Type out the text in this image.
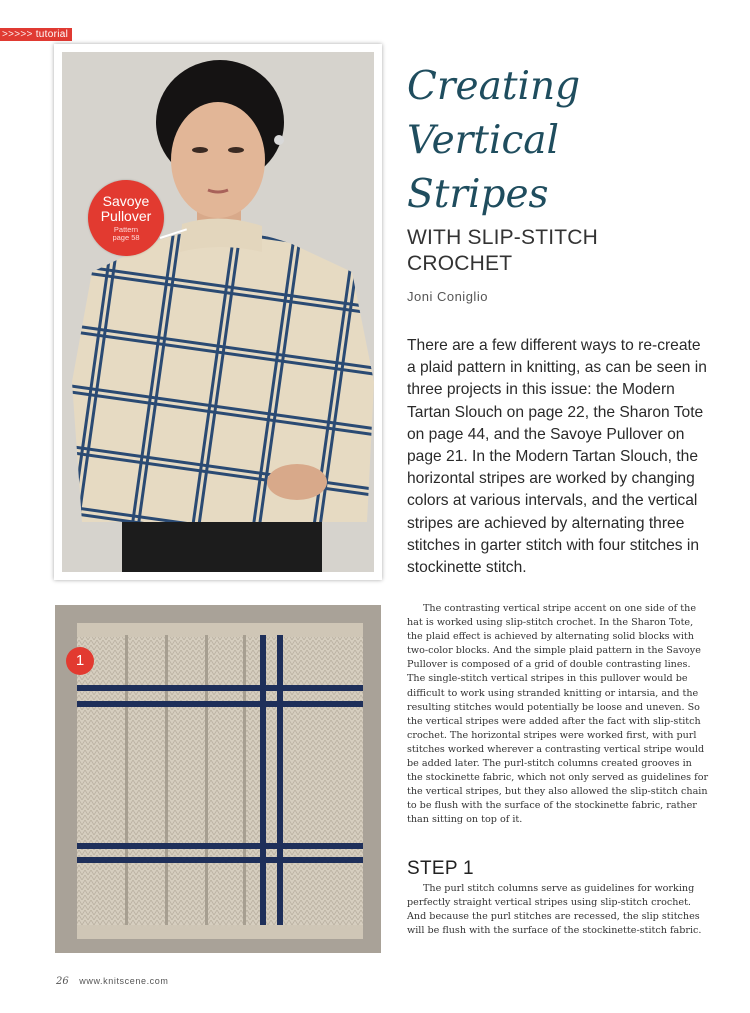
>>>>> tutorial
Savoye
Pullover
Pattern
page 58
Creating
Vertical
Stripes
WITH SLIP-STITCH
CROCHET
Joni Coniglio

There are a few different ways to re-create a plaid pattern in knitting, as can be seen in three projects in this issue: the Modern Tartan Slouch on page 22, the Sharon Tote on page 44, and the Savoye Pullover on page 21. In the Modern Tartan Slouch, the horizontal stripes are worked by changing colors at various intervals, and the vertical stripes are achieved by alternating three stitches in garter stitch with four stitches in stockinette stitch.

1

The contrasting vertical stripe accent on one side of the hat is worked using slip-stitch crochet. In the Sharon Tote, the plaid effect is achieved by alternating solid blocks with two-color blocks. And the simple plaid pattern in the Savoye Pullover is composed of a grid of double contrasting lines. The single-stitch vertical stripes in this pullover would be difficult to work using stranded knitting or intarsia, and the resulting stitches would potentially be loose and uneven. So the vertical stripes were added after the fact with slip-stitch crochet. The horizontal stripes were worked first, with purl stitches worked wherever a contrasting vertical stripe would be added later. The purl-stitch columns created grooves in the stockinette fabric, which not only served as guidelines for the vertical stripes, but they also allowed the slip-stitch chain to be flush with the surface of the stockinette fabric, rather than sitting on top of it.

STEP 1

The purl stitch columns serve as guidelines for working perfectly straight vertical stripes using slip-stitch crochet. And because the purl stitches are recessed, the slip stitches will be flush with the surface of the stockinette-stitch fabric.

26 www.knitscene.com
